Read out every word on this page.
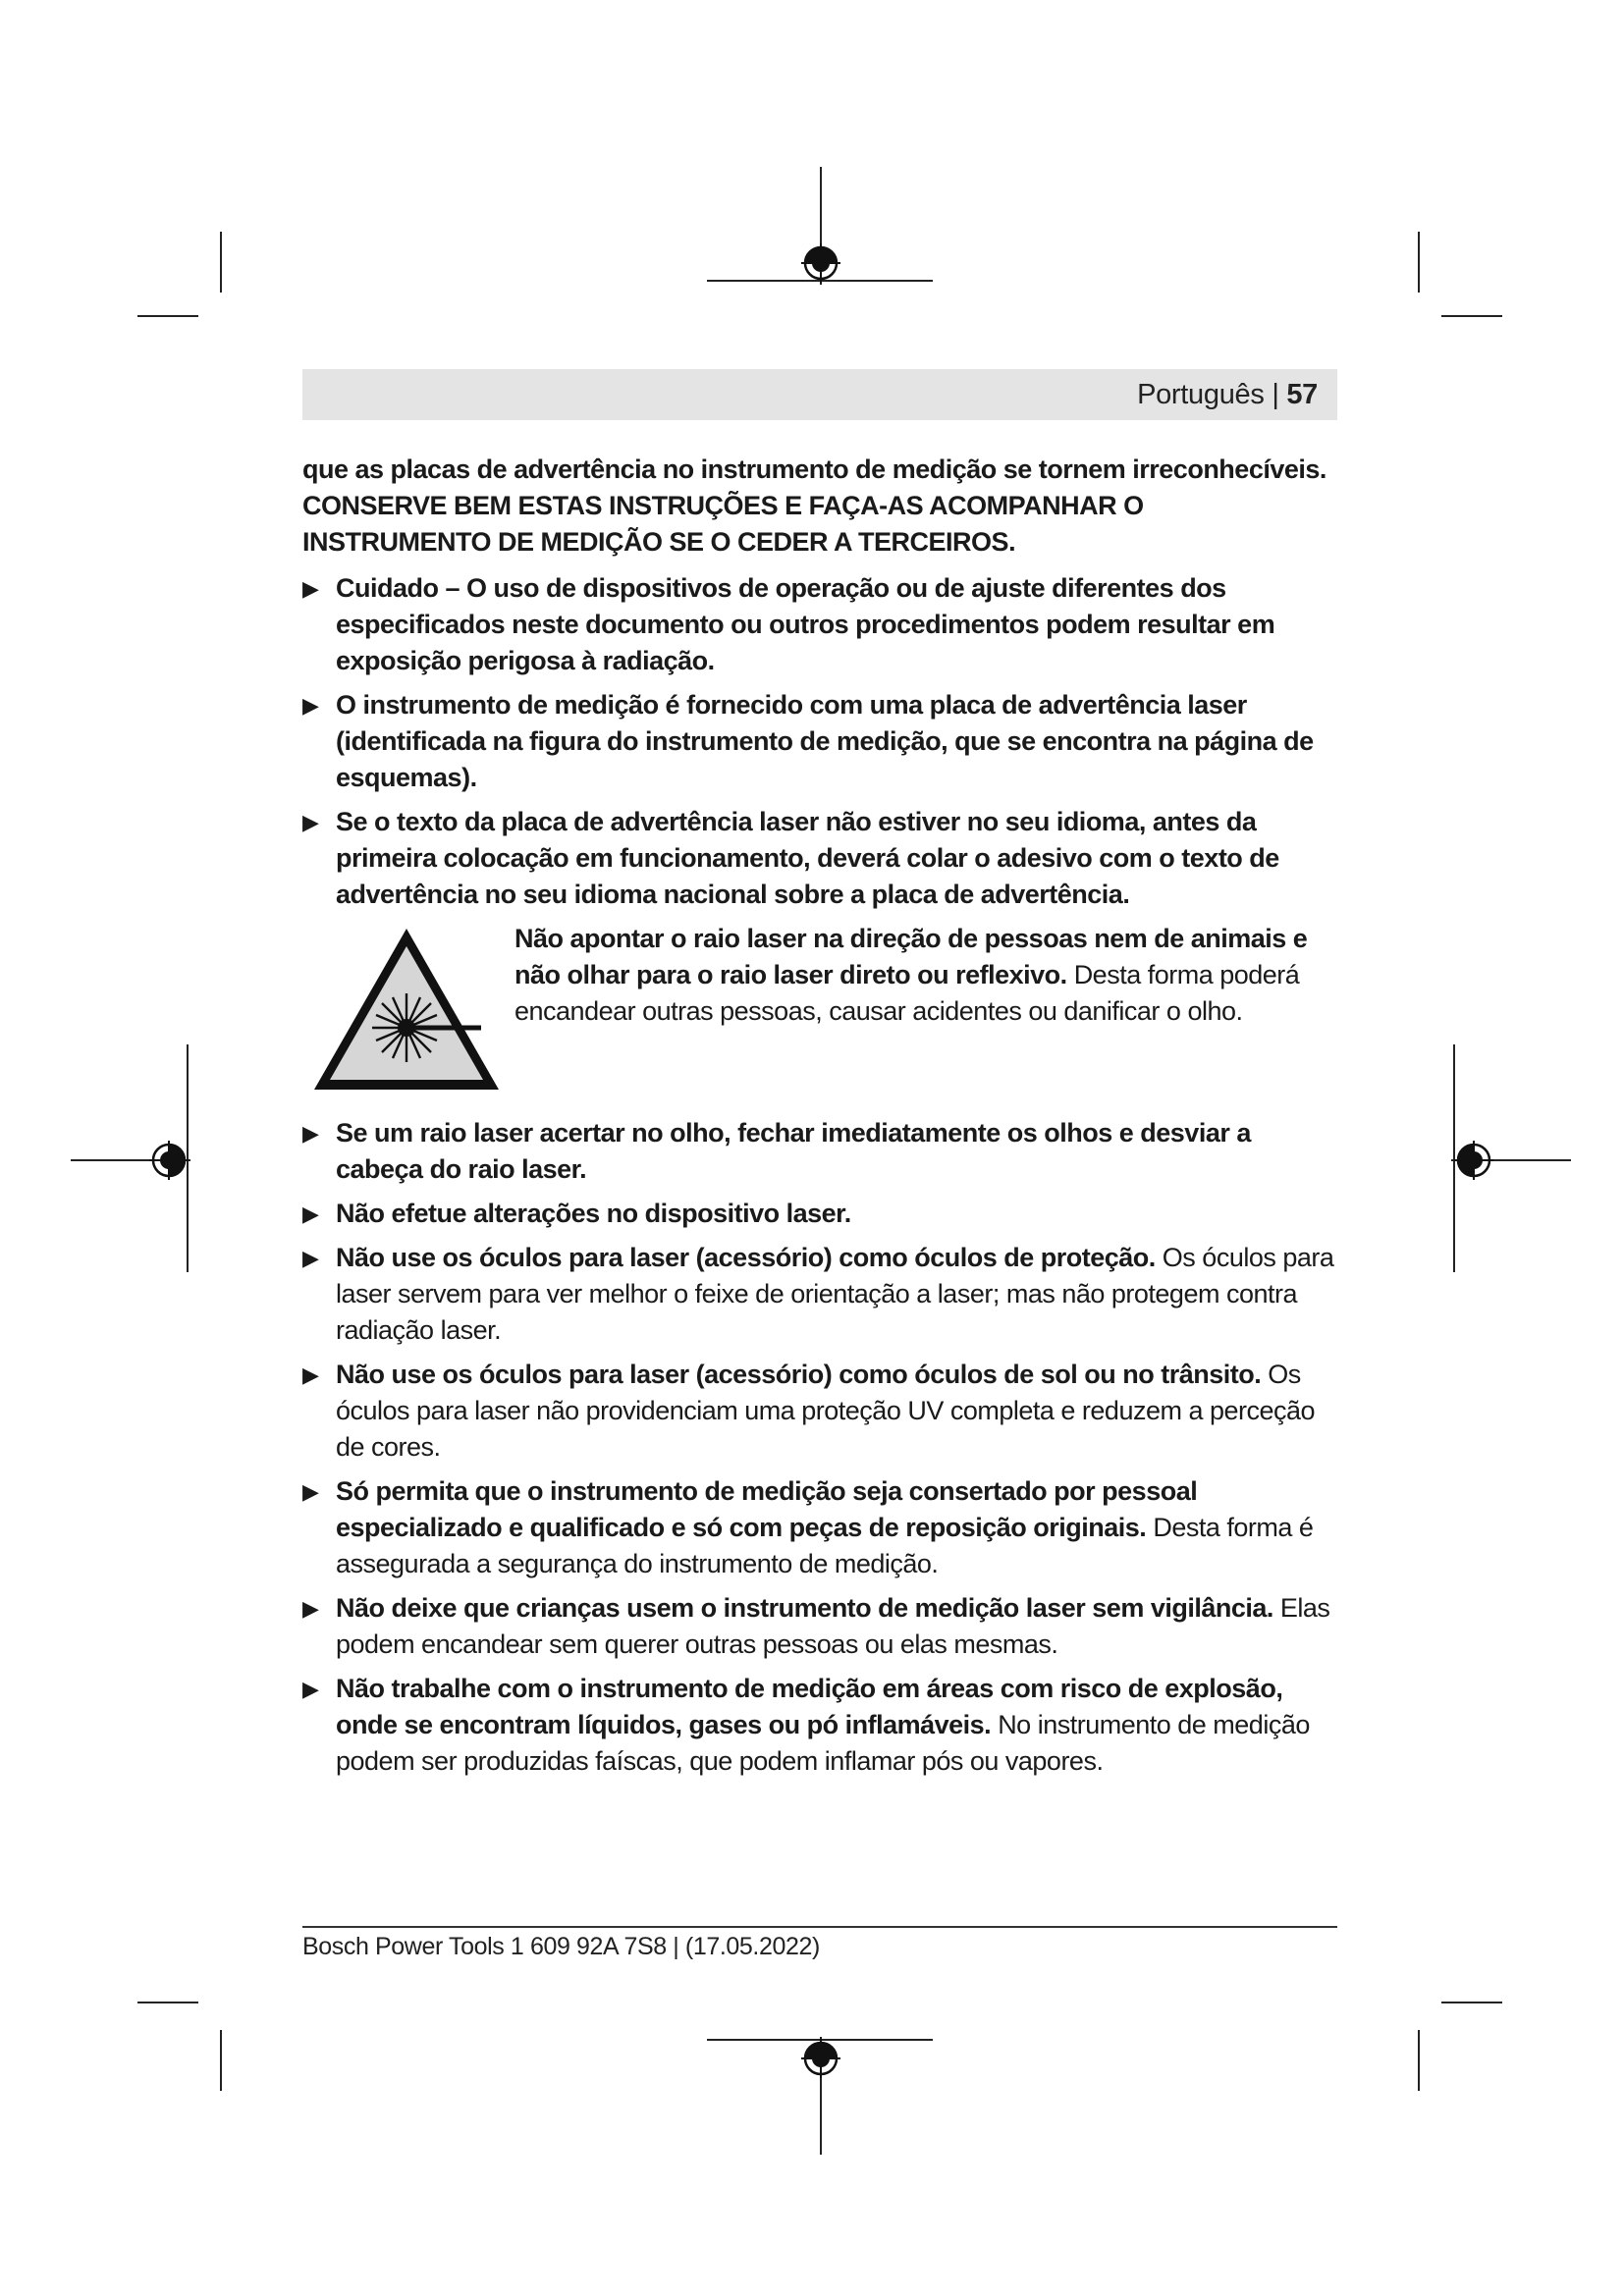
Português | 57

que as placas de advertência no instrumento de medição se tornem irreconhecíveis. CONSERVE BEM ESTAS INSTRUÇÕES E FAÇA-AS ACOMPANHAR O INSTRUMENTO DE MEDIÇÃO SE O CEDER A TERCEIROS.

▶ Cuidado – O uso de dispositivos de operação ou de ajuste diferentes dos especificados neste documento ou outros procedimentos podem resultar em exposição perigosa à radiação.
▶ O instrumento de medição é fornecido com uma placa de advertência laser (identificada na figura do instrumento de medição, que se encontra na página de esquemas).
▶ Se o texto da placa de advertência laser não estiver no seu idioma, antes da primeira colocação em funcionamento, deverá colar o adesivo com o texto de advertência no seu idioma nacional sobre a placa de advertência.
Não apontar o raio laser na direção de pessoas nem de animais e não olhar para o raio laser direto ou reflexivo. Desta forma poderá encandear outras pessoas, causar acidentes ou danificar o olho.
▶ Se um raio laser acertar no olho, fechar imediatamente os olhos e desviar a cabeça do raio laser.
▶ Não efetue alterações no dispositivo laser.
▶ Não use os óculos para laser (acessório) como óculos de proteção. Os óculos para laser servem para ver melhor o feixe de orientação a laser; mas não protegem contra radiação laser.
▶ Não use os óculos para laser (acessório) como óculos de sol ou no trânsito. Os óculos para laser não providenciam uma proteção UV completa e reduzem a perceção de cores.
▶ Só permita que o instrumento de medição seja consertado por pessoal especializado e qualificado e só com peças de reposição originais. Desta forma é assegurada a segurança do instrumento de medição.
▶ Não deixe que crianças usem o instrumento de medição laser sem vigilância. Elas podem encandear sem querer outras pessoas ou elas mesmas.
▶ Não trabalhe com o instrumento de medição em áreas com risco de explosão, onde se encontram líquidos, gases ou pó inflamáveis. No instrumento de medição podem ser produzidas faíscas, que podem inflamar pós ou vapores.
Bosch Power Tools 1 609 92A 7S8 | (17.05.2022)
